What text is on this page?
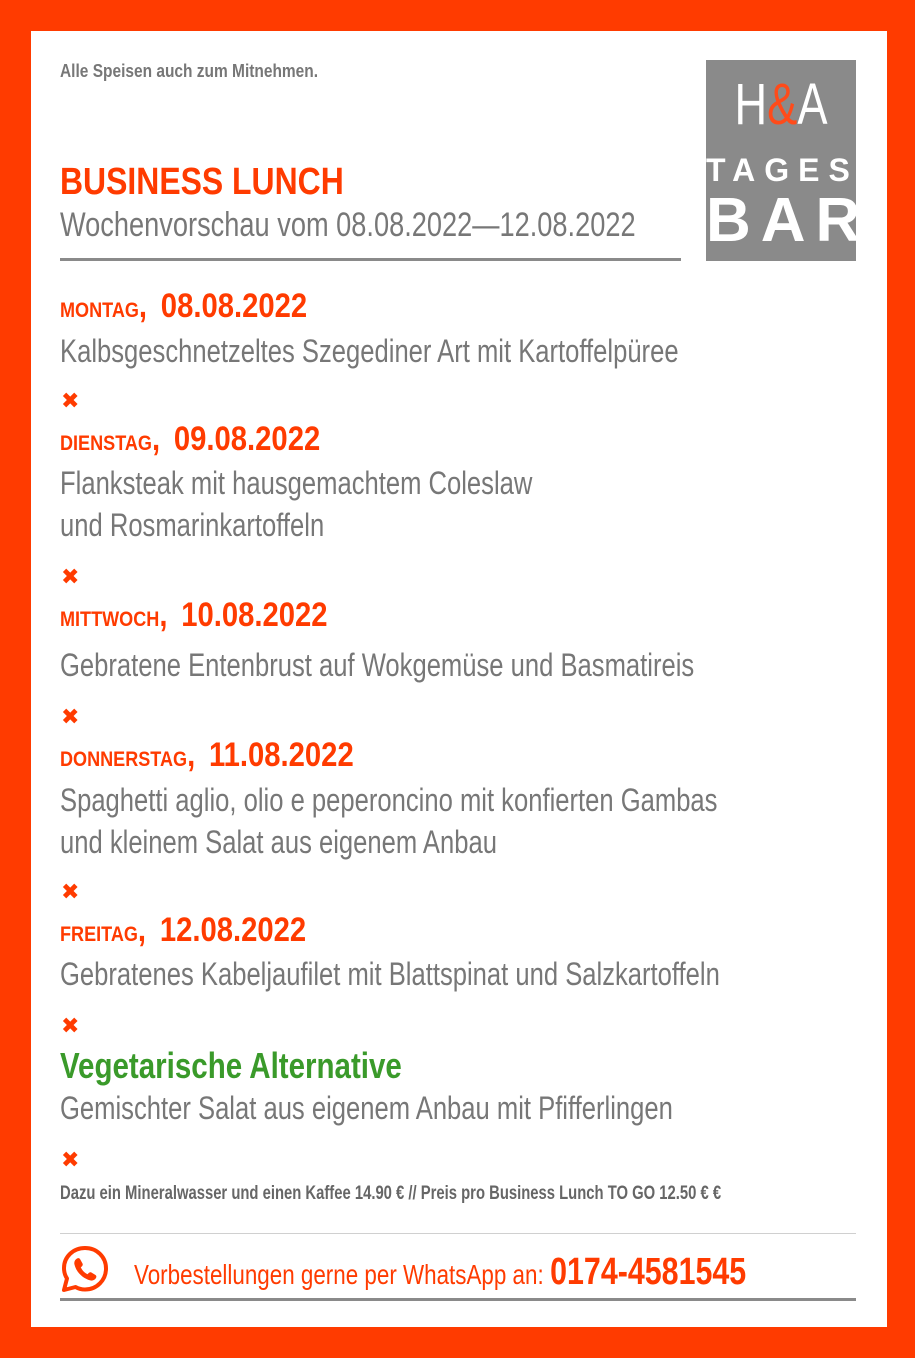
Alle Speisen auch zum Mitnehmen.
H&A
TAGES
BAR
BUSINESS LUNCH
Wochenvorschau vom 08.08.2022—12.08.2022
MONTAG, 08.08.2022
Kalbsgeschnetzeltes Szegediner Art mit Kartoffelpüree
✖
DIENSTAG, 09.08.2022
Flanksteak mit hausgemachtem Coleslaw
und Rosmarinkartoffeln
✖
MITTWOCH, 10.08.2022
Gebratene Entenbrust auf Wokgemüse und Basmatireis
✖
DONNERSTAG, 11.08.2022
Spaghetti aglio, olio e peperoncino mit konfierten Gambas
und kleinem Salat aus eigenem Anbau
✖
FREITAG, 12.08.2022
Gebratenes Kabeljaufilet mit Blattspinat und Salzkartoffeln
✖
Vegetarische Alternative
Gemischter Salat aus eigenem Anbau mit Pfifferlingen
✖
Dazu ein Mineralwasser und einen Kaffee 14.90 € // Preis pro Business Lunch TO GO 12.50 € €
Vorbestellungen gerne per WhatsApp an: 0174-4581545
